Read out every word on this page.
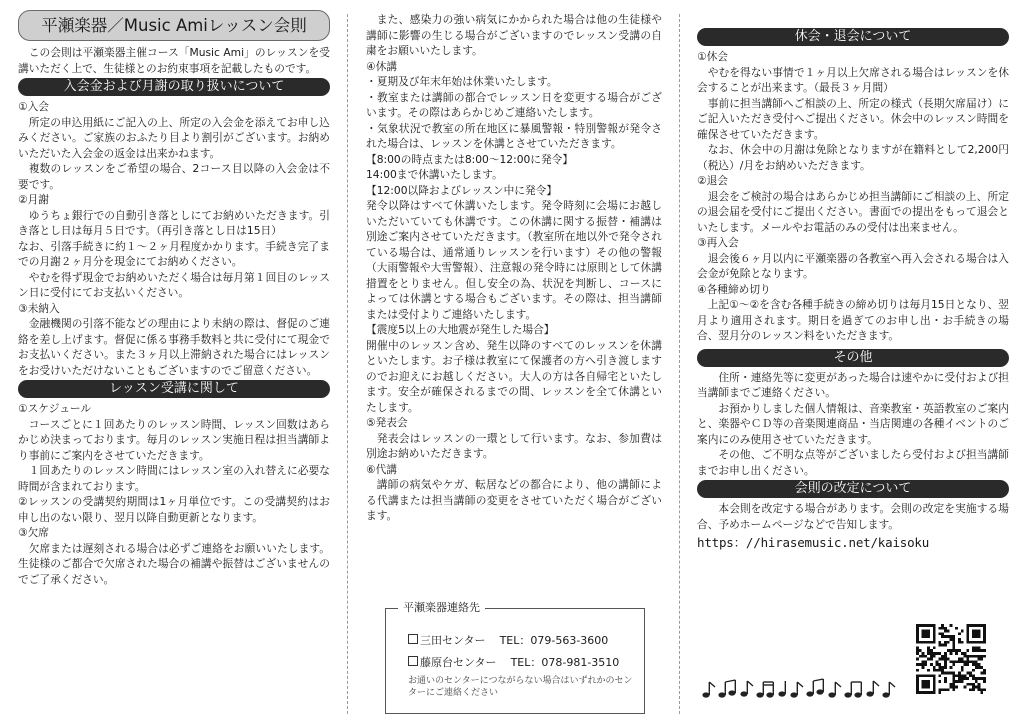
平瀬楽器／Music Amiレッスン会則

この会則は平瀬楽器主催コース「Music Ami」のレッスンを受講いただく上で、生徒様とのお約束事項を記載したものです。

入会金および月謝の取り扱いについて
①入会

所定の申込用紙にご記入の上、所定の入会金を添えてお申し込みください。ご家族のおふたり目より割引がございます。お納めいただいた入会金の返金は出来かねます。

複数のレッスンをご希望の場合、2コース目以降の入会金は不要です。

②月謝

ゆうちょ銀行での自動引き落としにてお納めいただきます。引き落とし日は毎月５日です。（再引き落とし日は15日）

なお、引落手続きに約１～２ヶ月程度かかります。手続き完了までの月謝２ヶ月分を現金にてお納めください。

やむを得ず現金でお納めいただく場合は毎月第１回目のレッスン日に受付にてお支払いください。

③未納入

金融機関の引落不能などの理由により未納の際は、督促のご連絡を差し上げます。督促に係る事務手数料と共に受付にて現金でお支払いください。また３ヶ月以上滞納された場合にはレッスンをお受けいただけないこともございますのでご留意ください。

レッスン受講に関して
①スケジュール

コースごとに１回あたりのレッスン時間、レッスン回数はあらかじめ決まっております。毎月のレッスン実施日程は担当講師より事前にご案内をさせていただきます。

１回あたりのレッスン時間にはレッスン室の入れ替えに必要な時間が含まれております。

②レッスンの受講契約期間は1ヶ月単位です。この受講契約はお申し出のない限り、翌月以降自動更新となります。

③欠席

欠席または遅刻される場合は必ずご連絡をお願いいたします。生徒様のご都合で欠席された場合の補講や振替はございませんのでご了承ください。

また、感染力の強い病気にかかられた場合は他の生徒様や講師に影響の生じる場合がございますのでレッスン受講の自粛をお願いいたします。

④休講

・夏期及び年末年始は休業いたします。

・教室または講師の都合でレッスン日を変更する場合がございます。その際はあらかじめご連絡いたします。

・気象状況で教室の所在地区に暴風警報・特別警報が発令された場合は、レッスンを休講とさせていただきます。

【8:00の時点または8:00～12:00に発令】

14:00まで休講いたします。

【12:00以降およびレッスン中に発令】

発令以降はすべて休講いたします。発令時刻に会場にお越しいただいていても休講です。この休講に関する振替・補講は別途ご案内させていただきます。（教室所在地以外で発令されている場合は、通常通りレッスンを行います）その他の警報（大雨警報や大雪警報）、注意報の発令時には原則として休講措置をとりません。但し安全の為、状況を判断し、コースによっては休講とする場合もございます。その際は、担当講師または受付よりご連絡いたします。

【震度5以上の大地震が発生した場合】

開催中のレッスン含め、発生以降のすべてのレッスンを休講といたします。お子様は教室にて保護者の方へ引き渡しますのでお迎えにお越しください。大人の方は各自帰宅といたします。安全が確保されるまでの間、レッスンを全て休講といたします。

⑤発表会

発表会はレッスンの一環として行います。なお、参加費は別途お納めいただきます。

⑥代講

講師の病気やケガ、転居などの都合により、他の講師による代講または担当講師の変更をさせていただく場合がございます。

平瀬楽器連絡先
三田センター TEL：079-563-3600
藤原台センター TEL：078-981-3510
お通いのセンターにつながらない場合はいずれかのセンターにご連絡ください
休会・退会について
①休会

やむを得ない事情で１ヶ月以上欠席される場合はレッスンを休会することが出来ます。（最長３ヶ月間）

事前に担当講師へご相談の上、所定の様式（長期欠席届け）にご記入いただき受付へご提出ください。休会中のレッスン時間を確保させていただきます。

なお、休会中の月謝は免除となりますが在籍料として2,200円（税込）/月をお納めいただきます。

②退会

退会をご検討の場合はあらかじめ担当講師にご相談の上、所定の退会届を受付にご提出ください。書面での提出をもって退会といたします。メールやお電話のみの受付は出来ません。

③再入会

退会後６ヶ月以内に平瀬楽器の各教室へ再入会される場合は入会金が免除となります。

④各種締め切り

上記①～②を含む各種手続きの締め切りは毎月15日となり、翌月より適用されます。期日を過ぎてのお申し出・お手続きの場合、翌月分のレッスン料をいただきます。

その他

住所・連絡先等に変更があった場合は速やかに受付および担当講師までご連絡ください。

お預かりしました個人情報は、音楽教室・英語教室のご案内と、楽器やＣＤ等の音楽関連商品・当店関連の各種イベントのご案内にのみ使用させていただきます。

その他、ご不明な点等がございましたら受付および担当講師までお申し出ください。

会則の改定について

本会則を改定する場合があります。会則の改定を実施する場合、予めホームページなどで告知します。

https：//hirasemusic.net/kaisoku
